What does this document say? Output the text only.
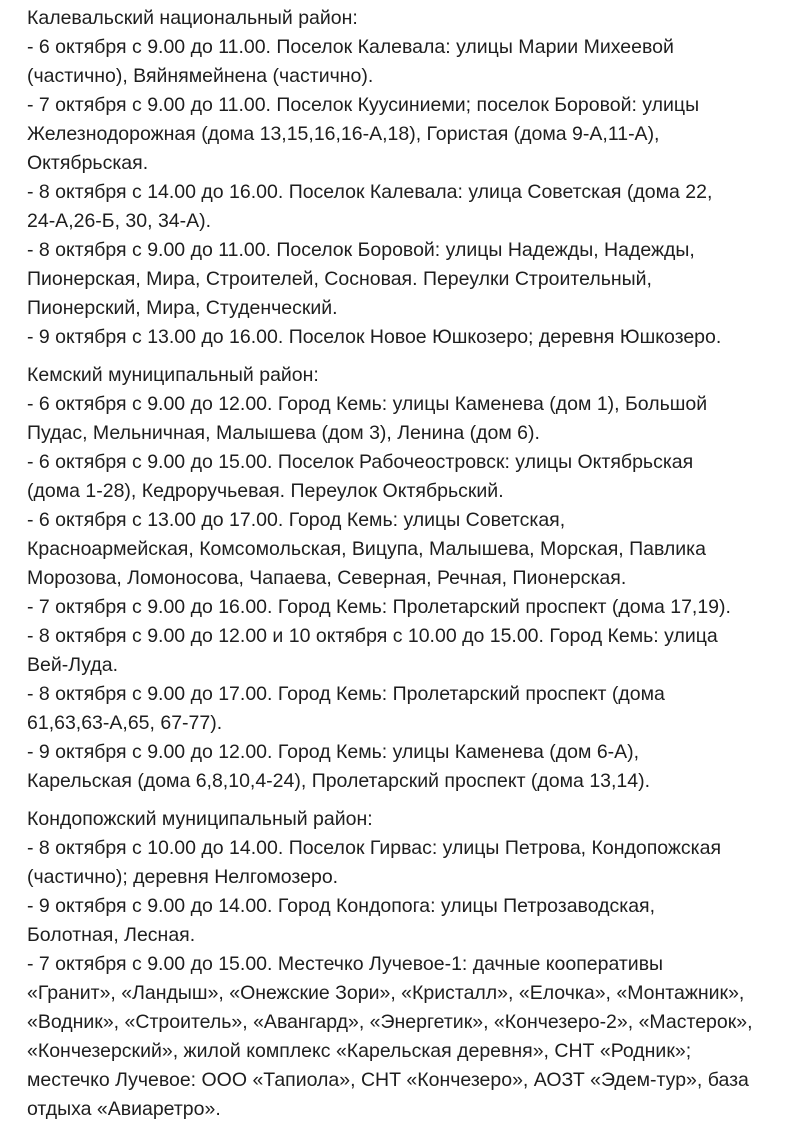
Калевальский национальный район:

- 6 октября с 9.00 до 11.00. Поселок Калевала: улицы Марии Михеевой
(частично), Вяйнямейнена (частично).

- 7 октября с 9.00 до 11.00. Поселок Куусиниеми; поселок Боровой: улицы
Железнодорожная (дома 13,15,16,16-А,18), Гористая (дома 9-А,11-А),
Октябрьская.

- 8 октября с 14.00 до 16.00. Поселок Калевала: улица Советская (дома 22,
24-А,26-Б, 30, 34-А).

- 8 октября с 9.00 до 11.00. Поселок Боровой: улицы Надежды, Надежды,
Пионерская, Мира, Строителей, Сосновая. Переулки Строительный,
Пионерский, Мира, Студенческий.

- 9 октября с 13.00 до 16.00. Поселок Новое Юшкозеро; деревня Юшкозеро.

Кемский муниципальный район:

- 6 октября с 9.00 до 12.00. Город Кемь: улицы Каменева (дом 1), Большой
Пудас, Мельничная, Малышева (дом 3), Ленина (дом 6).

- 6 октября с 9.00 до 15.00. Поселок Рабочеостровск: улицы Октябрьская
(дома 1-28), Кедроручьевая. Переулок Октябрьский.

- 6 октября с 13.00 до 17.00. Город Кемь: улицы Советская,
Красноармейская, Комсомольская, Вицупа, Малышева, Морская, Павлика
Морозова, Ломоносова, Чапаева, Северная, Речная, Пионерская.

- 7 октября с 9.00 до 16.00. Город Кемь: Пролетарский проспект (дома 17,19).

- 8 октября с 9.00 до 12.00 и 10 октября с 10.00 до 15.00. Город Кемь: улица
Вей-Луда.

- 8 октября с 9.00 до 17.00. Город Кемь: Пролетарский проспект (дома
61,63,63-А,65, 67-77).

- 9 октября с 9.00 до 12.00. Город Кемь: улицы Каменева (дом 6-А),
Карельская (дома 6,8,10,4-24), Пролетарский проспект (дома 13,14).

Кондопожский муниципальный район:

- 8 октября с 10.00 до 14.00. Поселок Гирвас: улицы Петрова, Кондопожская
(частично); деревня Нелгомозеро.

- 9 октября с 9.00 до 14.00. Город Кондопога: улицы Петрозаводская,
Болотная, Лесная.

- 7 октября с 9.00 до 15.00. Местечко Лучевое-1: дачные кооперативы
«Гранит», «Ландыш», «Онежские Зори», «Кристалл», «Елочка», «Монтажник»,
«Водник», «Строитель», «Авангард», «Энергетик», «Кончезеро-2», «Мастерок»,
«Кончезерский», жилой комплекс «Карельская деревня», СНТ «Родник»;
местечко Лучевое: ООО «Тапиола», СНТ «Кончезеро», АОЗТ «Эдем-тур», база
отдыха «Авиаретро».
